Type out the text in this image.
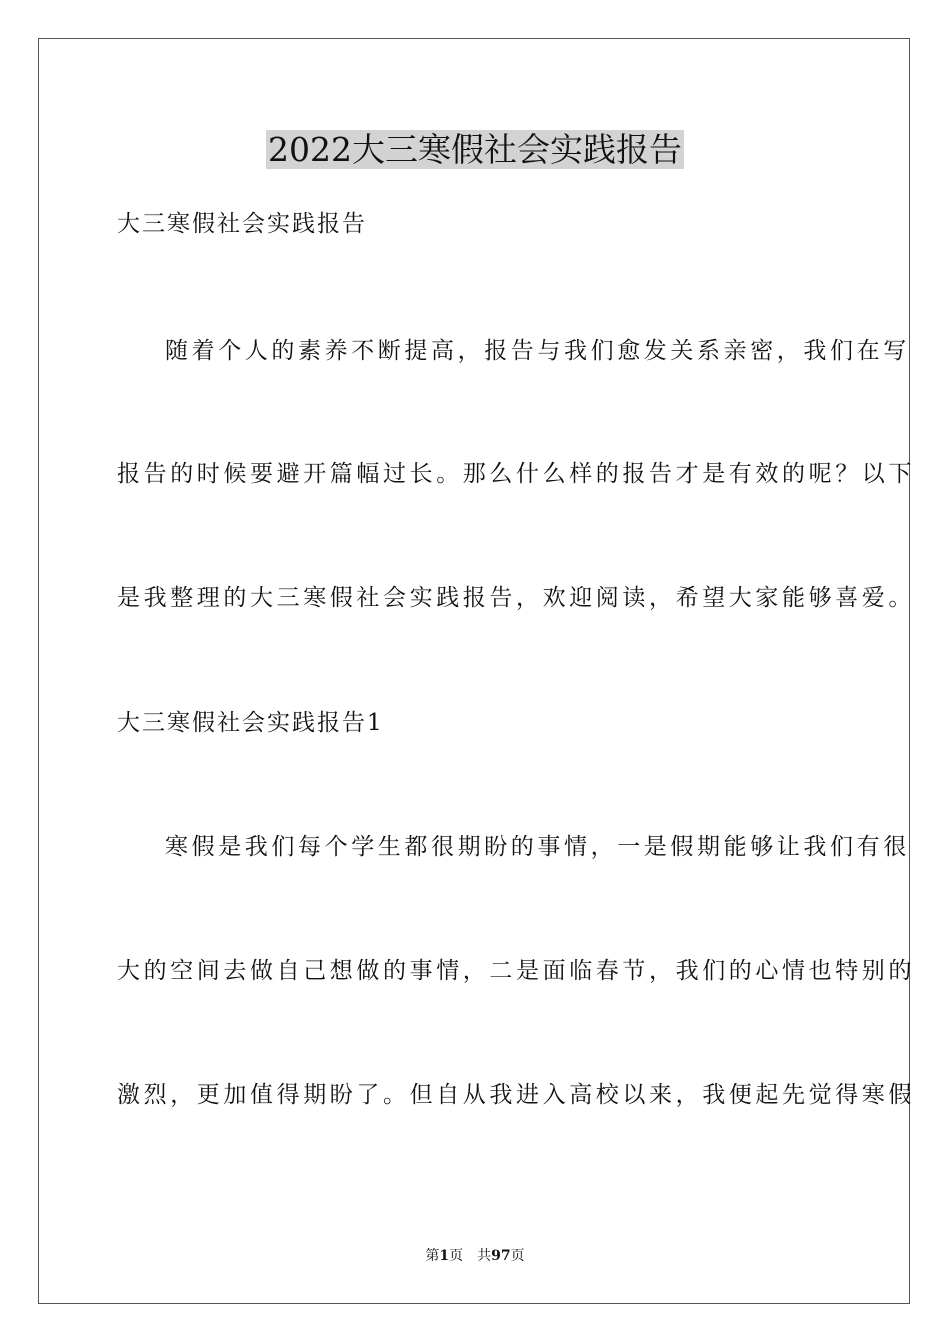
2022大三寒假社会实践报告
大三寒假社会实践报告
随着个人的素养不断提高，报告与我们愈发关系亲密，我们在写
报告的时候要避开篇幅过长。那么什么样的报告才是有效的呢？以下
是我整理的大三寒假社会实践报告，欢迎阅读，希望大家能够喜爱。
大三寒假社会实践报告1
寒假是我们每个学生都很期盼的事情，一是假期能够让我们有很
大的空间去做自己想做的事情，二是面临春节，我们的心情也特别的
激烈，更加值得期盼了。但自从我进入高校以来，我便起先觉得寒假
第1页 共97页
